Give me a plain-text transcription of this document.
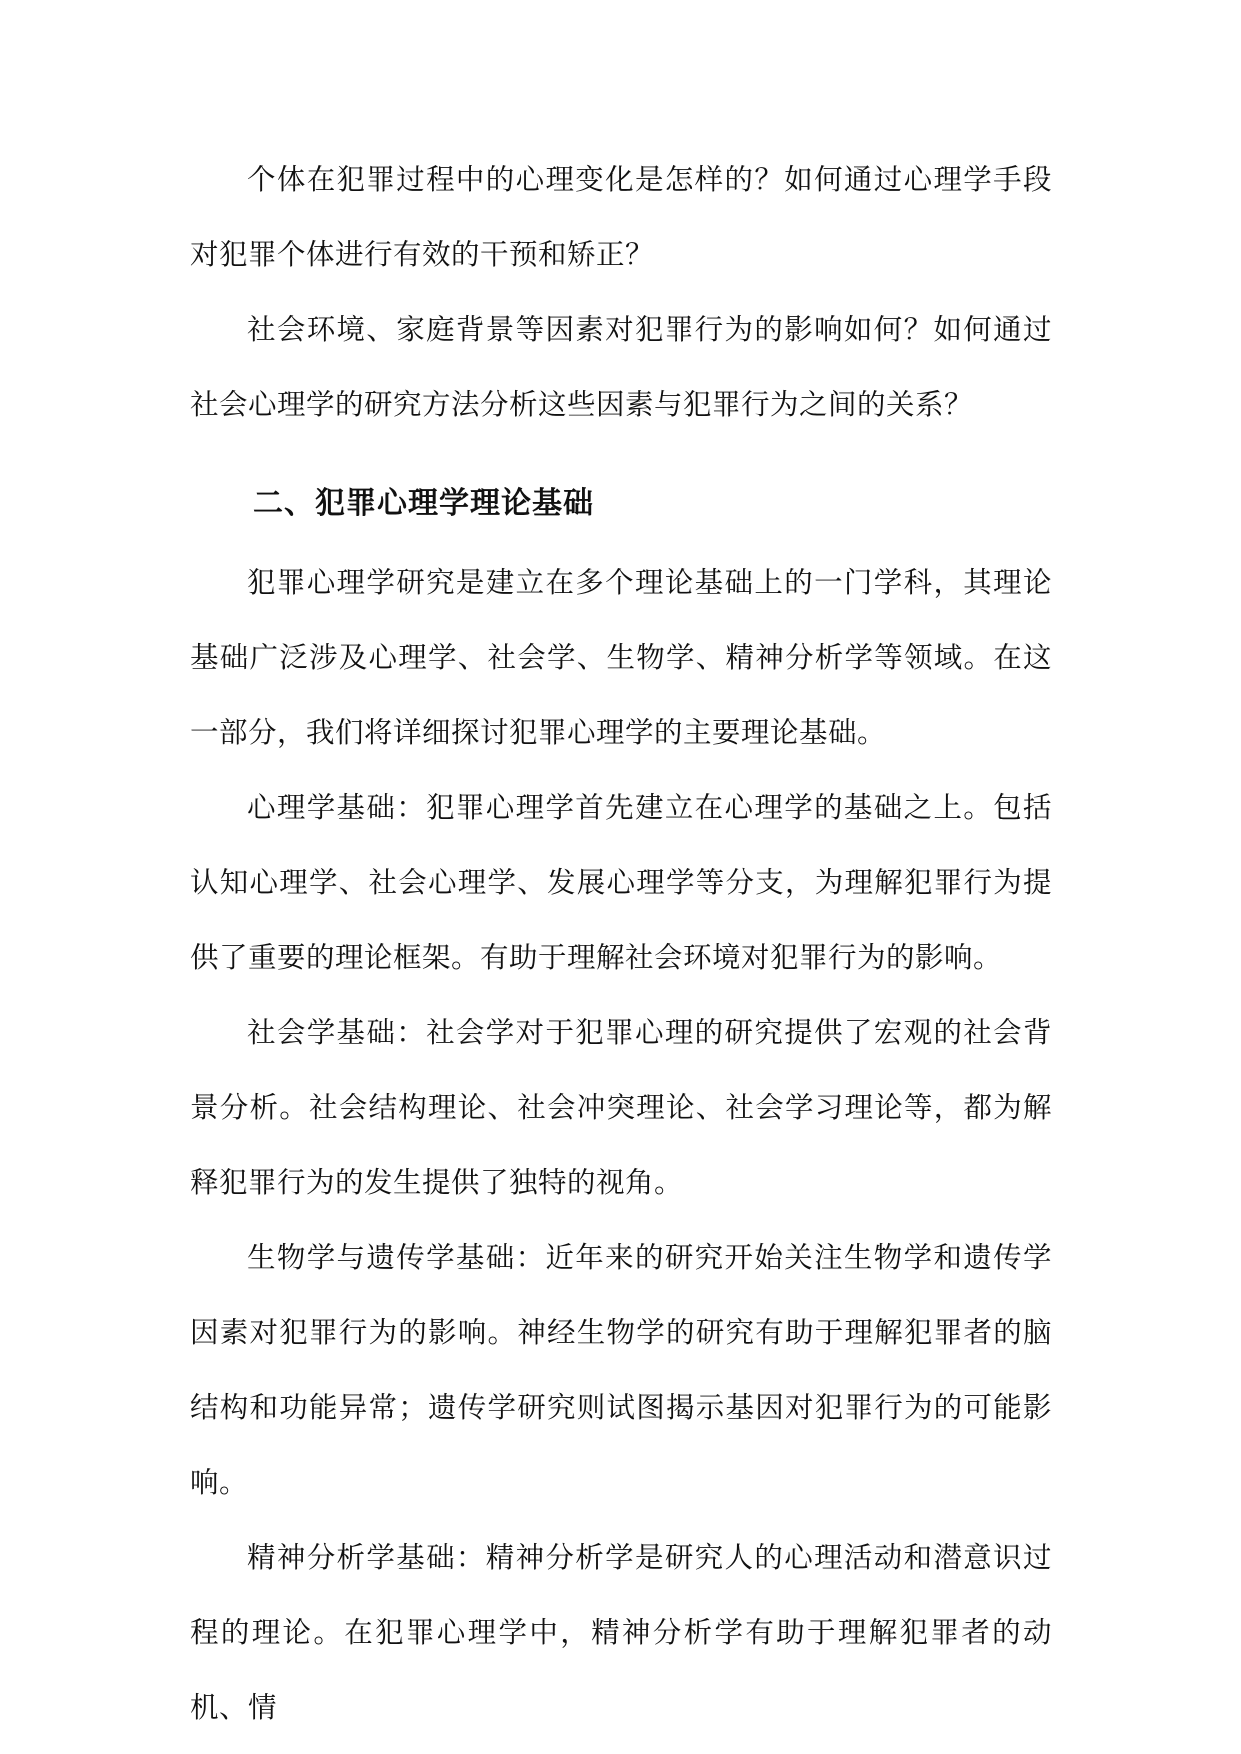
个体在犯罪过程中的心理变化是怎样的？如何通过心理学手段对犯罪个体进行有效的干预和矫正？

社会环境、家庭背景等因素对犯罪行为的影响如何？如何通过社会心理学的研究方法分析这些因素与犯罪行为之间的关系？

二、犯罪心理学理论基础

犯罪心理学研究是建立在多个理论基础上的一门学科，其理论基础广泛涉及心理学、社会学、生物学、精神分析学等领域。在这一部分，我们将详细探讨犯罪心理学的主要理论基础。

心理学基础：犯罪心理学首先建立在心理学的基础之上。包括认知心理学、社会心理学、发展心理学等分支，为理解犯罪行为提供了重要的理论框架。有助于理解社会环境对犯罪行为的影响。

社会学基础：社会学对于犯罪心理的研究提供了宏观的社会背景分析。社会结构理论、社会冲突理论、社会学习理论等，都为解释犯罪行为的发生提供了独特的视角。

生物学与遗传学基础：近年来的研究开始关注生物学和遗传学因素对犯罪行为的影响。神经生物学的研究有助于理解犯罪者的脑结构和功能异常；遗传学研究则试图揭示基因对犯罪行为的可能影响。

精神分析学基础：精神分析学是研究人的心理活动和潜意识过程的理论。在犯罪心理学中，精神分析学有助于理解犯罪者的动机、情
